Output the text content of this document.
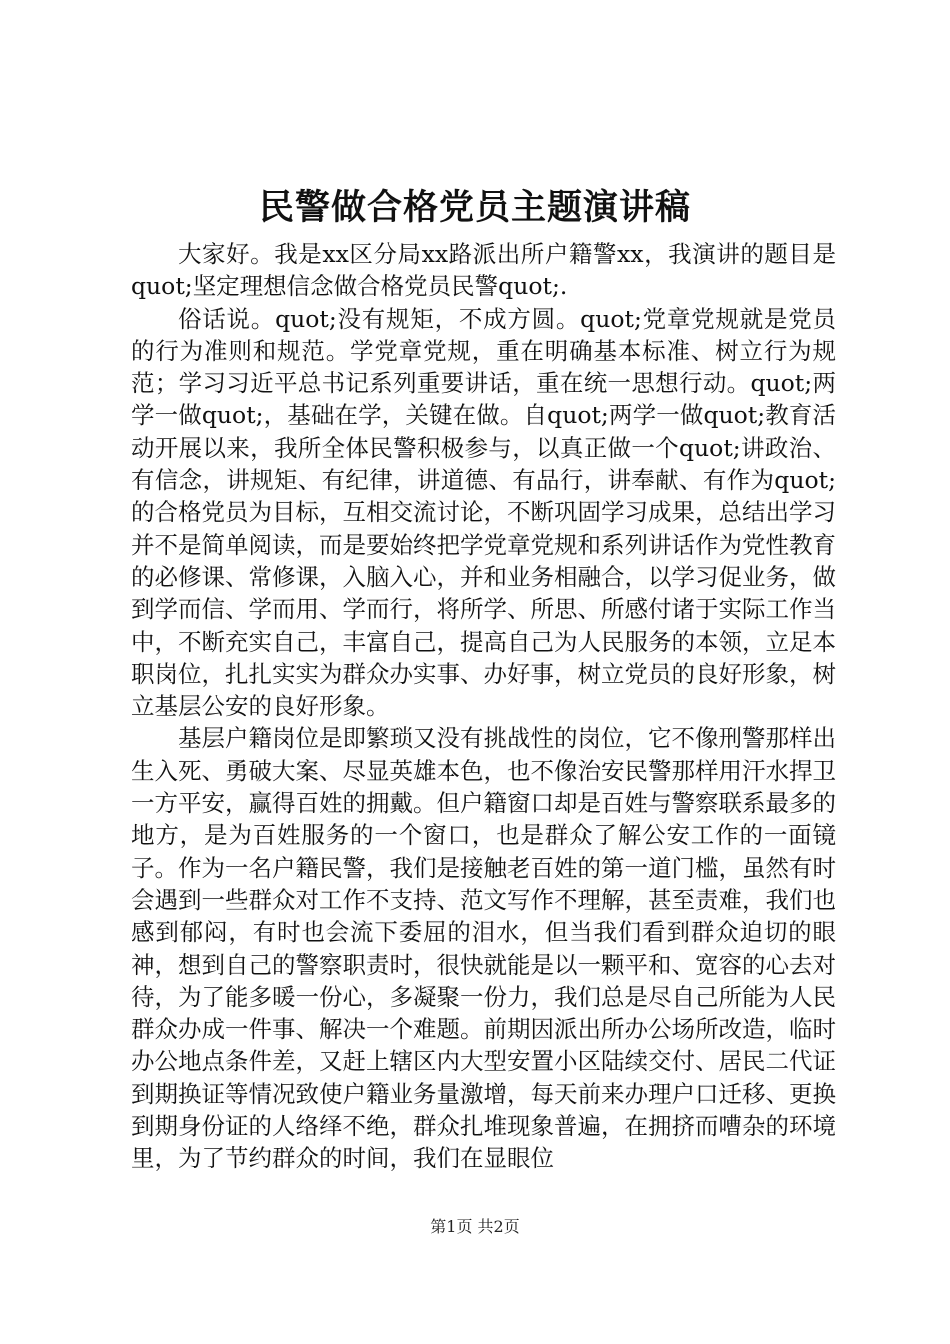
民警做合格党员主题演讲稿

大家好。我是xx区分局xx路派出所户籍警xx，我演讲的题目是quot;坚定理想信念做合格党员民警quot;.

俗话说。quot;没有规矩，不成方圆。quot;党章党规就是党员的行为准则和规范。学党章党规，重在明确基本标准、树立行为规范；学习习近平总书记系列重要讲话，重在统一思想行动。quot;两学一做quot;，基础在学，关键在做。自quot;两学一做quot;教育活动开展以来，我所全体民警积极参与，以真正做一个quot;讲政治、有信念，讲规矩、有纪律，讲道德、有品行，讲奉献、有作为quot;的合格党员为目标，互相交流讨论，不断巩固学习成果，总结出学习并不是简单阅读，而是要始终把学党章党规和系列讲话作为党性教育的必修课、常修课，入脑入心，并和业务相融合，以学习促业务，做到学而信、学而用、学而行，将所学、所思、所感付诸于实际工作当中，不断充实自己，丰富自己，提高自己为人民服务的本领，立足本职岗位，扎扎实实为群众办实事、办好事，树立党员的良好形象，树立基层公安的良好形象。

基层户籍岗位是即繁琐又没有挑战性的岗位，它不像刑警那样出生入死、勇破大案、尽显英雄本色，也不像治安民警那样用汗水捍卫一方平安，赢得百姓的拥戴。但户籍窗口却是百姓与警察联系最多的地方，是为百姓服务的一个窗口，也是群众了解公安工作的一面镜子。作为一名户籍民警，我们是接触老百姓的第一道门槛，虽然有时会遇到一些群众对工作不支持、范文写作不理解，甚至责难，我们也感到郁闷，有时也会流下委屈的泪水，但当我们看到群众迫切的眼神，想到自己的警察职责时，很快就能是以一颗平和、宽容的心去对待，为了能多暖一份心，多凝聚一份力，我们总是尽自己所能为人民群众办成一件事、解决一个难题。前期因派出所办公场所改造，临时办公地点条件差，又赶上辖区内大型安置小区陆续交付、居民二代证到期换证等情况致使户籍业务量激增，每天前来办理户口迁移、更换到期身份证的人络绎不绝，群众扎堆现象普遍，在拥挤而嘈杂的环境里，为了节约群众的时间，我们在显眼位

第1页 共2页
